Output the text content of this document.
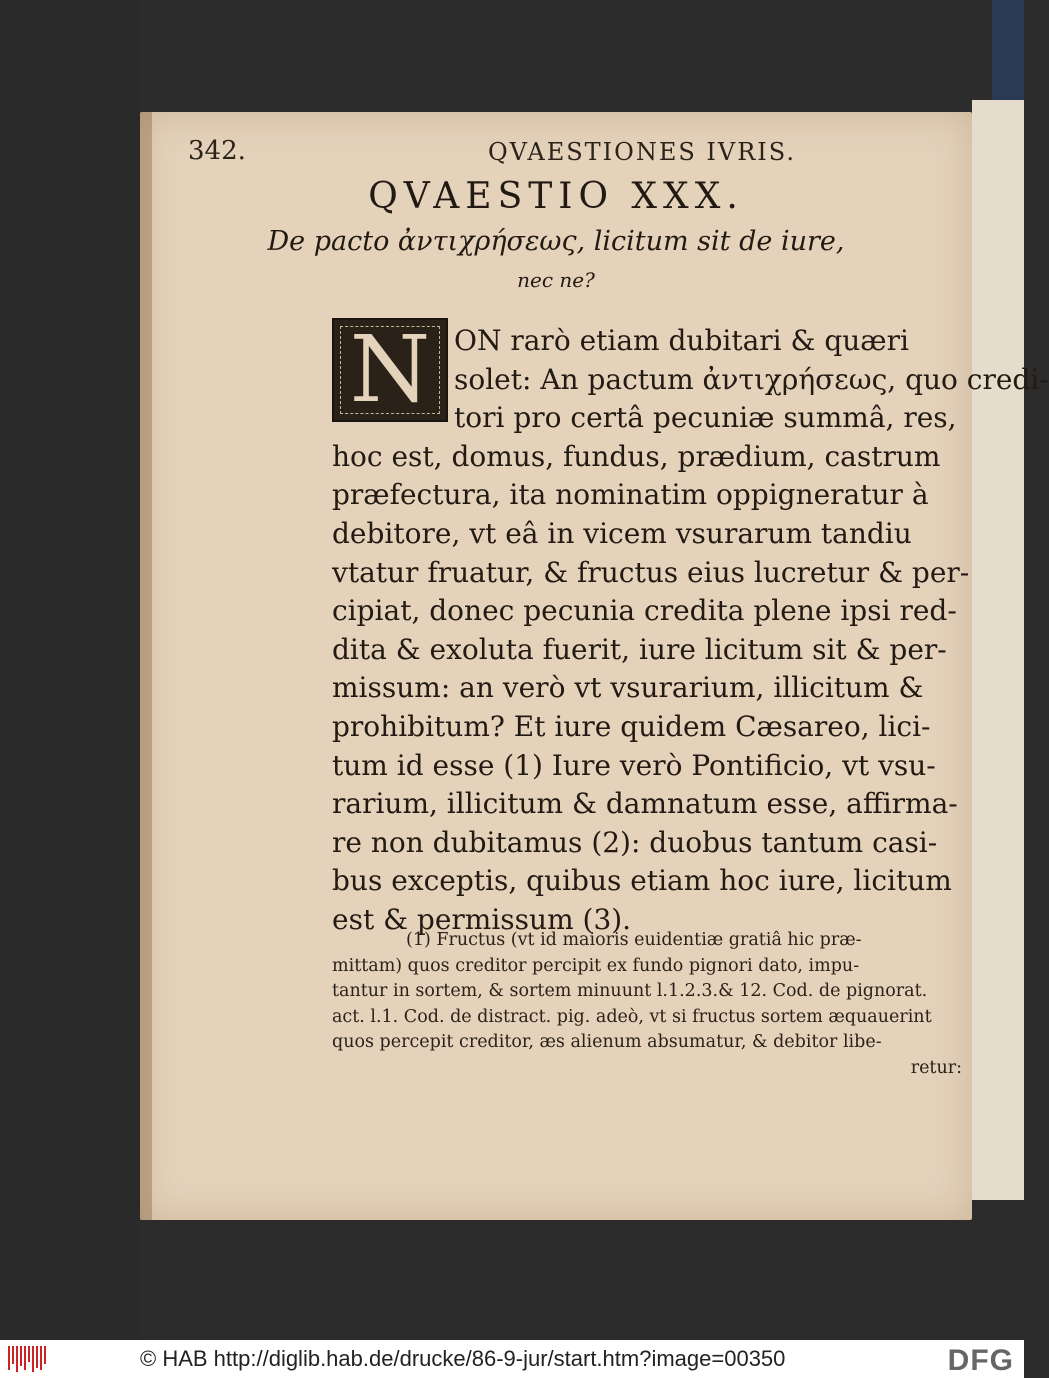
342.	QVAESTIONES IVRIS.
QVAESTIO XXX.
De pacto ἀντιχρήσεως, licitum sit de iure,
nec ne?
ON rarò etiam dubitari & quæri
solet: An pactum ἀντιχρήσεως, quo credi-
tori pro certâ pecuniæ summâ, res,
hoc est, domus, fundus, prædium, castrum
præfectura, ita nominatim oppigneratur à
debitore, vt eâ in vicem vsurarum tandiu
vtatur fruatur, & fructus eius lucretur & per-
cipiat, donec pecunia credita plene ipsi red-
dita & exoluta fuerit, iure licitum sit & per-
missum: an verò vt vsurarium, illicitum &
prohibitum? Et iure quidem Cæsareo, lici-
tum id esse (1) Iure verò Pontificio, vt vsu-
rarium, illicitum & damnatum esse, affirma-
re non dubitamus (2): duobus tantum casi-
bus exceptis, quibus etiam hoc iure, licitum
est & permissum (3).
N
(1) Fructus (vt id maioris euidentiæ gratiâ hic præ-
mittam) quos creditor percipit ex fundo pignori dato, impu-
tantur in sortem, & sortem minuunt l.1.2.3.& 12. Cod. de pignorat.
act. l.1. Cod. de distract. pig. adeò, vt si fructus sortem æquauerint
quos percepit creditor, æs alienum absumatur, & debitor libe-
retur:
© HAB http://diglib.hab.de/drucke/86-9-jur/start.htm?image=00350	DFG
